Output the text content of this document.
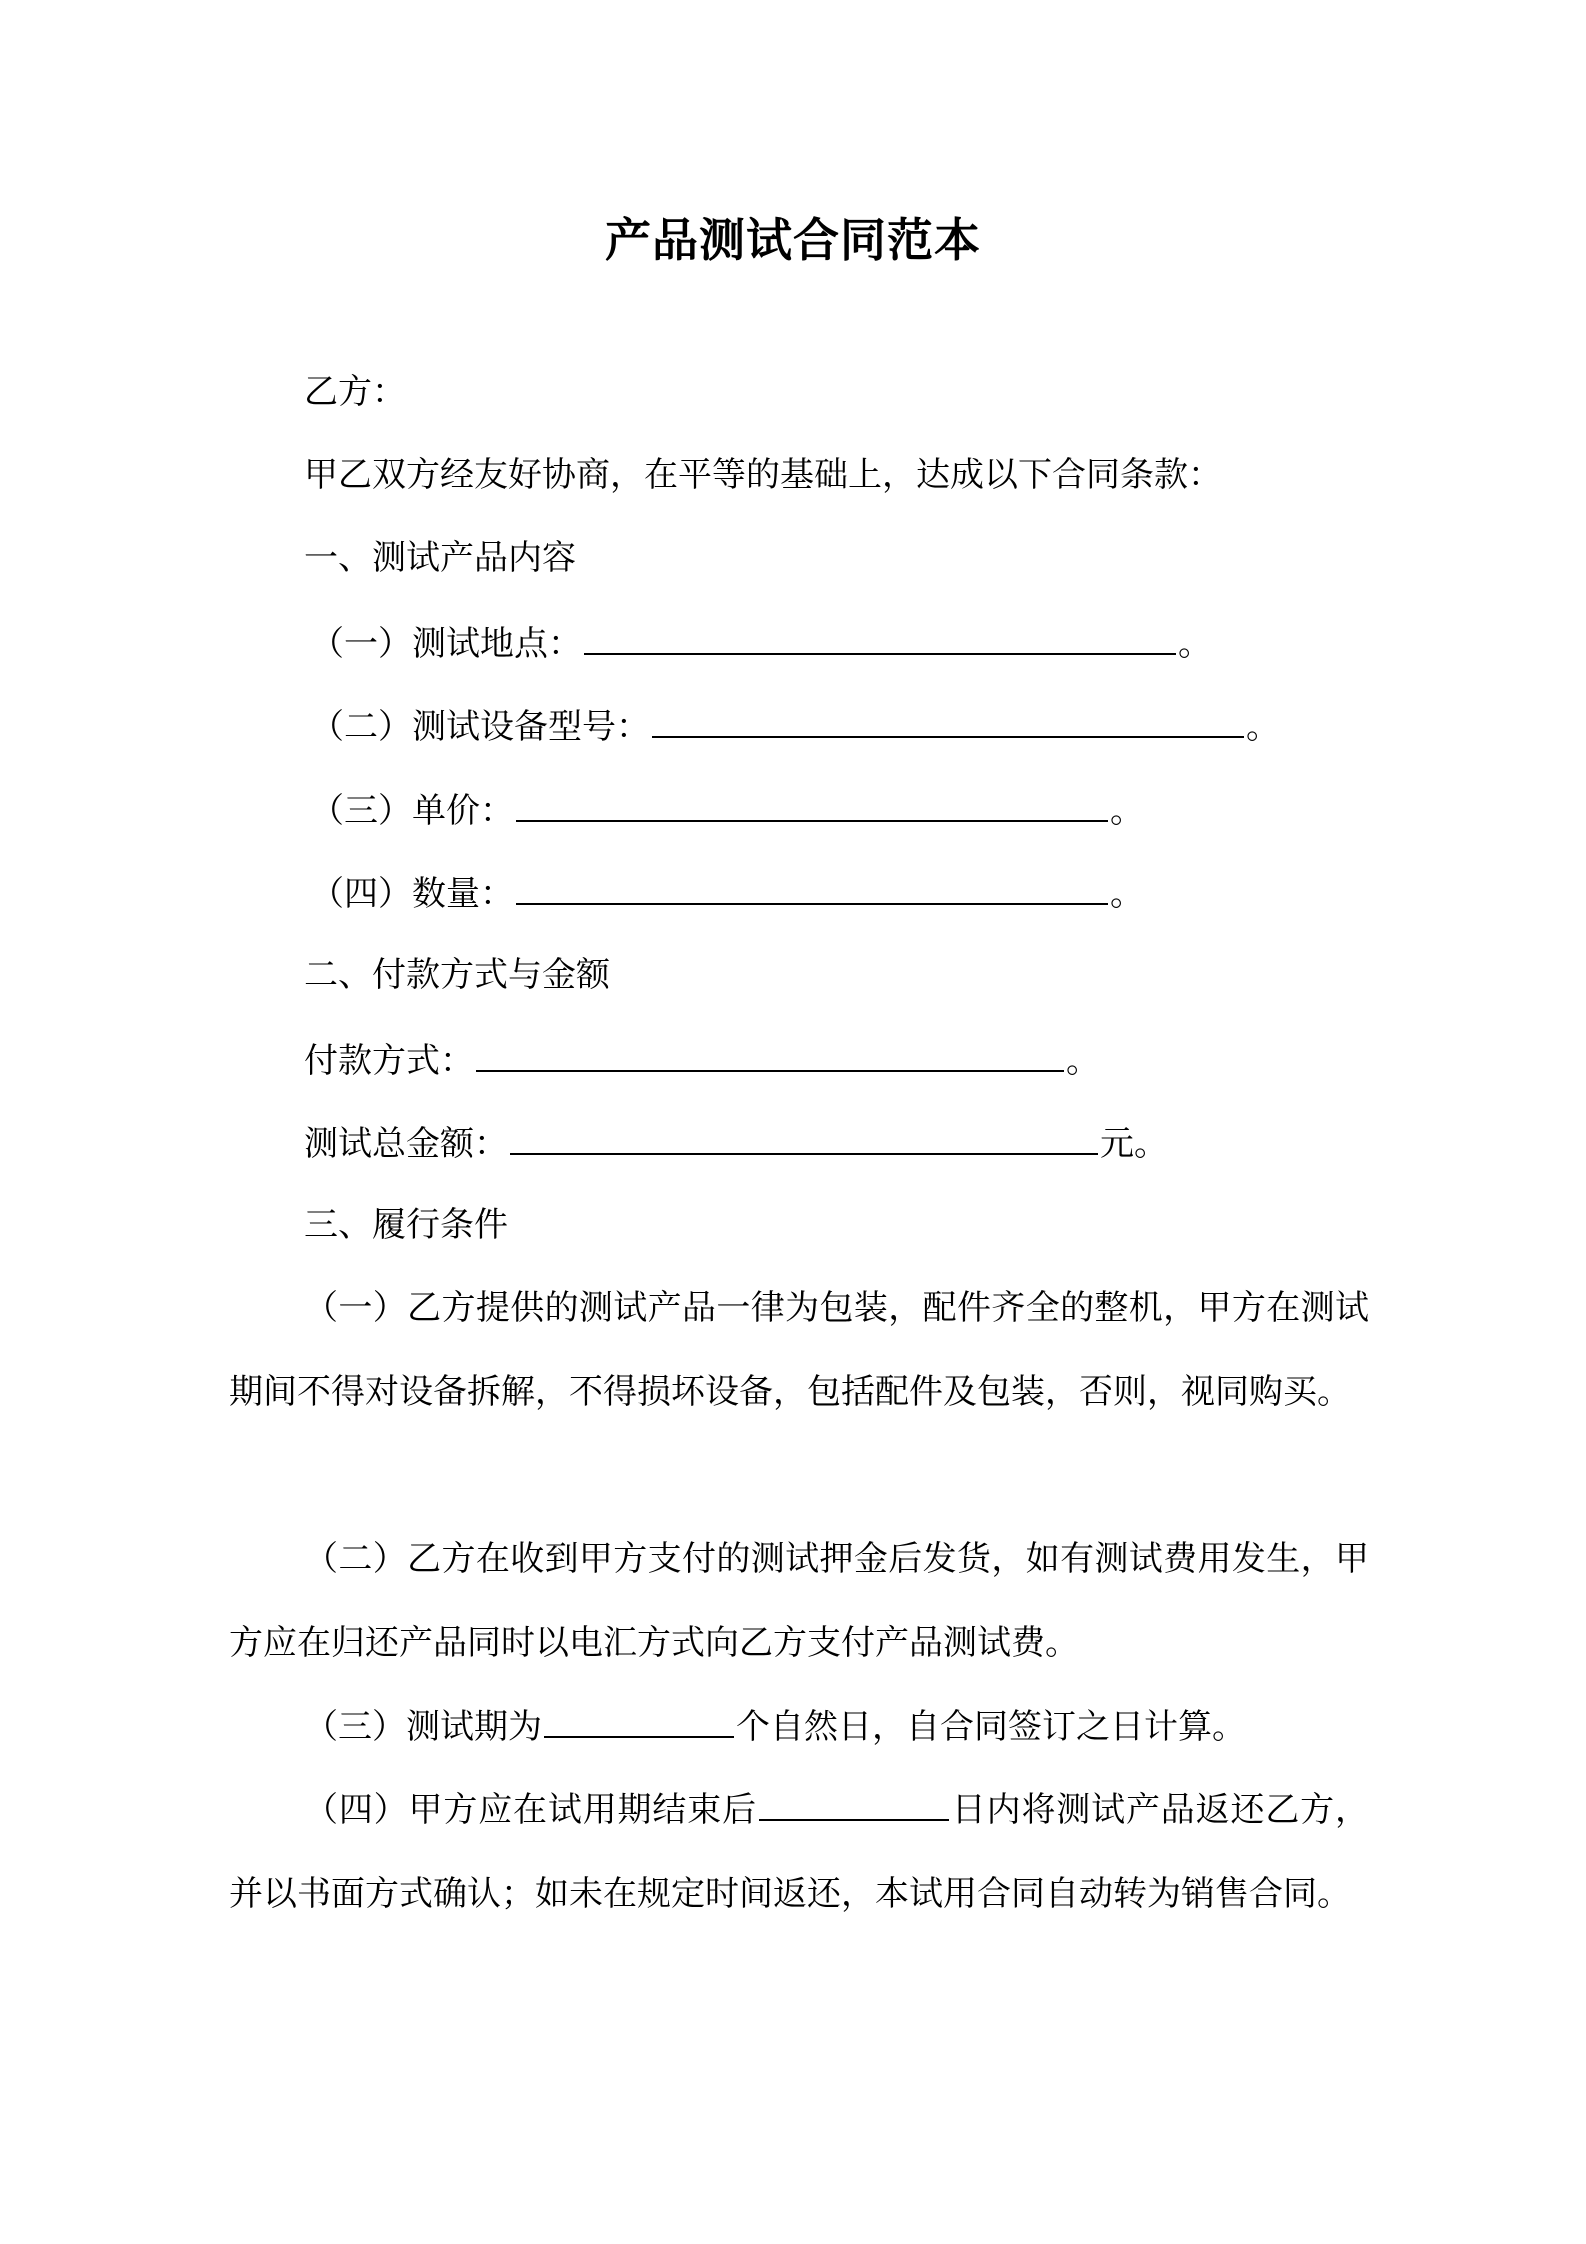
产品测试合同范本
乙方：
甲乙双方经友好协商，在平等的基础上，达成以下合同条款：
一、测试产品内容
（一）测试地点：	。
（二）测试设备型号：	。
（三）单价：	。
（四）数量：	。
二、付款方式与金额
付款方式：	。
测试总金额：	元。
三、履行条件
（一）乙方提供的测试产品一律为包装，配件齐全的整机，甲方在测试期间不得对设备拆解，不得损坏设备，包括配件及包装，否则，视同购买。
（二）乙方在收到甲方支付的测试押金后发货，如有测试费用发生，甲方应在归还产品同时以电汇方式向乙方支付产品测试费。
（三）测试期为	个自然日，自合同签订之日计算。
（四）甲方应在试用期结束后	日内将测试产品返还乙方，并以书面方式确认；如未在规定时间返还，本试用合同自动转为销售合同。
